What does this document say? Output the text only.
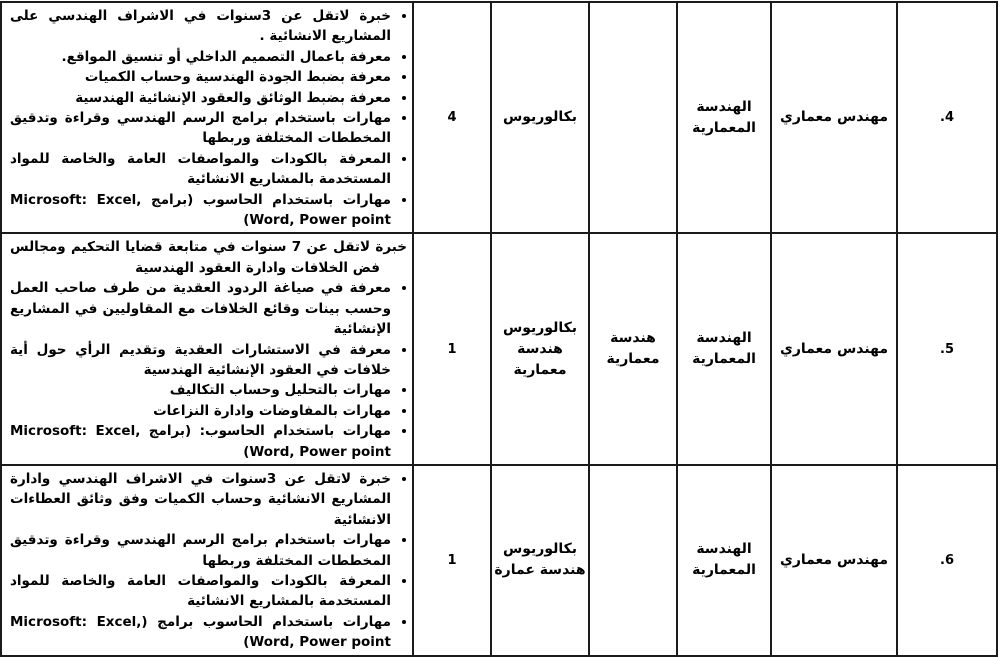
4.	مهندس معماري	الهندسة المعمارية		بكالوريوس	4	
• خبرة لاتقل عن 3سنوات في الاشراف الهندسي على المشاريع الانشائية .
• معرفة باعمال التصميم الداخلي أو تنسيق المواقع.
• معرفة بضبط الجودة الهندسية وحساب الكميات
• معرفة بضبط الوثائق والعقود الإنشائية الهندسية
• مهارات باستخدام برامج الرسم الهندسي وقراءة وتدقيق المخططات المختلفة وربطها
• المعرفة بالكودات والمواصفات العامة والخاصة للمواد المستخدمة بالمشاريع الانشائية
• مهارات باستخدام الحاسوب (برامج Microsoft: Excel, Word, Power point)

5.	مهندس معماري	الهندسة المعمارية	هندسة معمارية	بكالوريوس هندسة معمارية	1	

خبرة لاتقل عن 7 سنوات في متابعة قضايا التحكيم ومجالس فض الخلافات وادارة العقود الهندسية

• معرفة في صياغة الردود العقدية من طرف صاحب العمل وحسب بينات وقائع الخلافات مع المقاوليين في المشاريع الإنشائية
• معرفة في الاستشارات العقدية وتقديم الرأي حول أية خلافات في العقود الإنشائية الهندسية
• مهارات بالتحليل وحساب التكاليف
• مهارات بالمفاوضات وادارة النزاعات
• مهارات باستخدام الحاسوب: (برامج Microsoft: Excel, Word, Power point)

6.	مهندس معماري	الهندسة المعمارية		بكالوريوس هندسة عمارة	1	
• خبرة لاتقل عن 3سنوات في الاشراف الهندسي وادارة المشاريع الانشائية وحساب الكميات وفق وثائق العطاءات الانشائية
• مهارات باستخدام برامج الرسم الهندسي وقراءة وتدقيق المخططات المختلفة وربطها
• المعرفة بالكودات والمواصفات العامة والخاصة للمواد المستخدمة بالمشاريع الانشائية
• مهارات باستخدام الحاسوب برامج (Microsoft: Excel, Word, Power point)
